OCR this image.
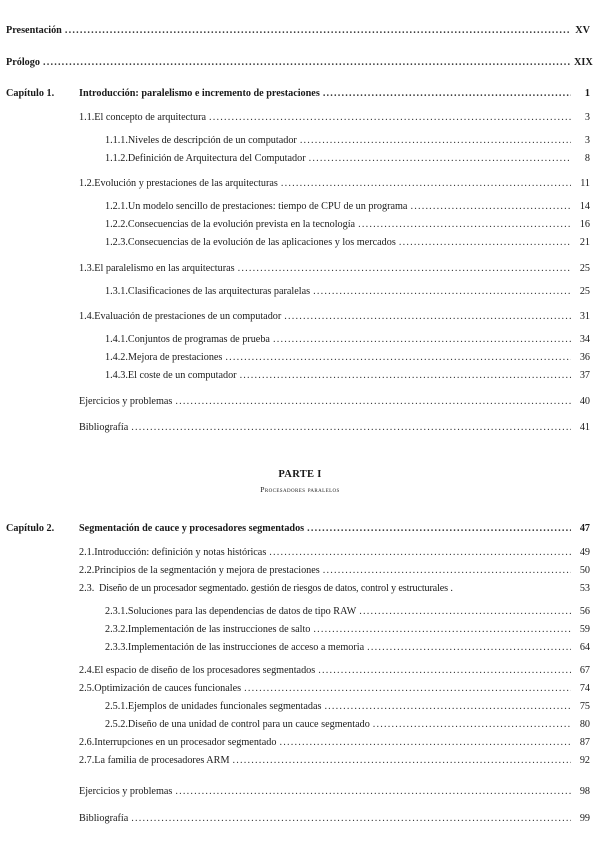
Presentación .....	XV
Prólogo .....	XIX
Capítulo 1. Introducción: paralelismo e incremento de prestaciones .....	1
1.1. El concepto de arquitectura .....	3
1.1.1. Niveles de descripción de un computador .....	3
1.1.2. Definición de Arquitectura del Computador .....	8
1.2. Evolución y prestaciones de las arquitecturas .....	11
1.2.1. Un modelo sencillo de prestaciones: tiempo de CPU de un programa .....	14
1.2.2. Consecuencias de la evolución prevista en la tecnología .....	16
1.2.3. Consecuencias de la evolución de las aplicaciones y los mercados .....	21
1.3. El paralelismo en las arquitecturas .....	25
1.3.1. Clasificaciones de las arquitecturas paralelas .....	25
1.4. Evaluación de prestaciones de un computador .....	31
1.4.1. Conjuntos de programas de prueba .....	34
1.4.2. Mejora de prestaciones .....	36
1.4.3. El coste de un computador .....	37
Ejercicios y problemas .....	40
Bibliografía .....	41
PARTE I
Procesadores paralelos
Capítulo 2. Segmentación de cauce y procesadores segmentados .....	47
2.1. Introducción: definición y notas históricas .....	49
2.2. Principios de la segmentación y mejora de prestaciones .....	50
2.3. Diseño de un procesador segmentado. gestión de riesgos de datos, control y estructurales .	53
2.3.1. Soluciones para las dependencias de datos de tipo RAW .....	56
2.3.2. Implementación de las instrucciones de salto .....	59
2.3.3. Implementación de las instrucciones de acceso a memoria .....	64
2.4. El espacio de diseño de los procesadores segmentados .....	67
2.5. Optimización de cauces funcionales .....	74
2.5.1. Ejemplos de unidades funcionales segmentadas .....	75
2.5.2. Diseño de una unidad de control para un cauce segmentado .....	80
2.6. Interrupciones en un procesador segmentado .....	87
2.7. La familia de procesadores ARM .....	92
Ejercicios y problemas .....	98
Bibliografía .....	99
